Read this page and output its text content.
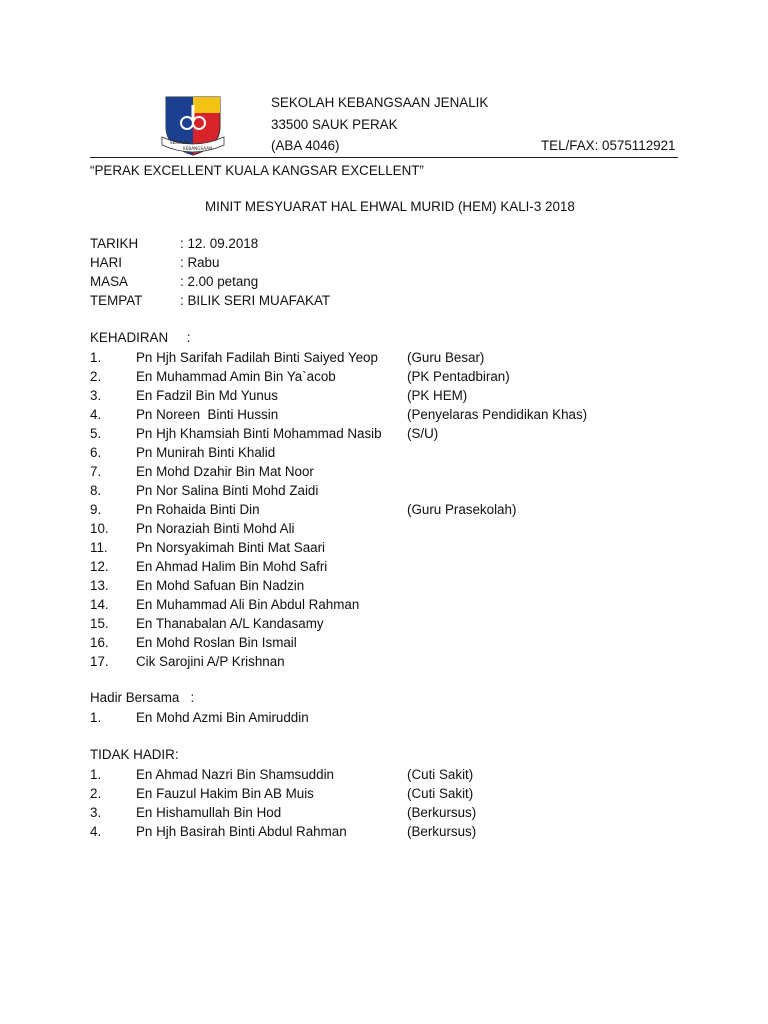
SEKOLAH
KEBANGSAAN
SEKOLAH KEBANGSAAN JENALIK
33500 SAUK PERAK
(ABA 4046)	TEL/FAX: 0575112921
“PERAK EXCELLENT KUALA KANGSAR EXCELLENT”
MINIT MESYUARAT HAL EHWAL MURID (HEM) KALI-3 2018
TARIKH	: 12. 09.2018
HARI	: Rabu
MASA	: 2.00 petang
TEMPAT	: BILIK SERI MUAFAKAT
KEHADIRAN     :
1.	Pn Hjh Sarifah Fadilah Binti Saiyed Yeop (Guru Besar)
2.	En Muhammad Amin Bin Ya`acob	(PK Pentadbiran)
3.	En Fadzil Bin Md Yunus	(PK HEM)
4.	Pn Noreen  Binti Hussin	(Penyelaras Pendidikan Khas)
5.	Pn Hjh Khamsiah Binti Mohammad Nasib (S/U)
6.	Pn Munirah Binti Khalid
7.	En Mohd Dzahir Bin Mat Noor
8.	Pn Nor Salina Binti Mohd Zaidi
9.	Pn Rohaida Binti Din	(Guru Prasekolah)
10. Pn Noraziah Binti Mohd Ali
11. Pn Norsyakimah Binti Mat Saari
12. En Ahmad Halim Bin Mohd Safri
13. En Mohd Safuan Bin Nadzin
14. En Muhammad Ali Bin Abdul Rahman
15. En Thanabalan A/L Kandasamy
16. En Mohd Roslan Bin Ismail
17. Cik Sarojini A/P Krishnan
Hadir Bersama   :
1.	En Mohd Azmi Bin Amiruddin
TIDAK HADIR:
1.	En Ahmad Nazri Bin Shamsuddin	(Cuti Sakit)
2.	En Fauzul Hakim Bin AB Muis	(Cuti Sakit)
3.	En Hishamullah Bin Hod	(Berkursus)
4.	Pn Hjh Basirah Binti Abdul Rahman	(Berkursus)
